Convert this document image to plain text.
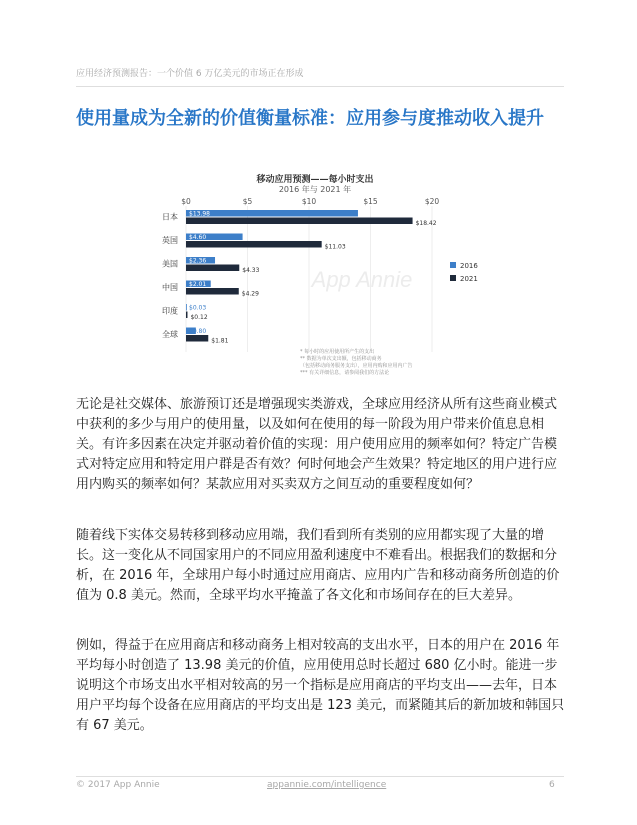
应用经济预测报告：一个价值 6 万亿美元的市场正在形成
使用量成为全新的价值衡量标准：应用参与度推动收入提升
移动应用预测——每小时支出
2016 年与 2021 年
App Annie
$0	$5	$10	$15	$20
日本 $13.98
$18.42
英国 $4.60
$11.03
美国 $2.36
$4.33
中国 $2.01
$4.29
印度 $0.03
$0.12
全球 $0.80
$1.81
2016
2021
* 每小时的应用使用所产生的支出
** 数据为单次支出额，包括移动商务
（包括移动商务服务支出），应用内购和应用内广告
*** 有关详细信息，请参阅我们的方法论

无论是社交媒体、旅游预订还是增强现实类游戏，全球应用经济从所有这些商业模式中获利的多少与用户的使用量，以及如何在使用的每一阶段为用户带来价值息息相关。有许多因素在决定并驱动着价值的实现：用户使用应用的频率如何？特定广告模式对特定应用和特定用户群是否有效？何时何地会产生效果？特定地区的用户进行应用内购买的频率如何？某款应用对买卖双方之间互动的重要程度如何？

随着线下实体交易转移到移动应用端，我们看到所有类别的应用都实现了大量的增长。这一变化从不同国家用户的不同应用盈利速度中不难看出。根据我们的数据和分析，在 2016 年，全球用户每小时通过应用商店、应用内广告和移动商务所创造的价值为 0.8 美元。然而，全球平均水平掩盖了各文化和市场间存在的巨大差异。

例如，得益于在应用商店和移动商务上相对较高的支出水平，日本的用户在 2016 年平均每小时创造了 13.98 美元的价值，应用使用总时长超过 680 亿小时。能进一步说明这个市场支出水平相对较高的另一个指标是应用商店的平均支出——去年，日本用户平均每个设备在应用商店的平均支出是 123 美元，而紧随其后的新加坡和韩国只有 67 美元。

© 2017 App Annie	appannie.com/intelligence	6
